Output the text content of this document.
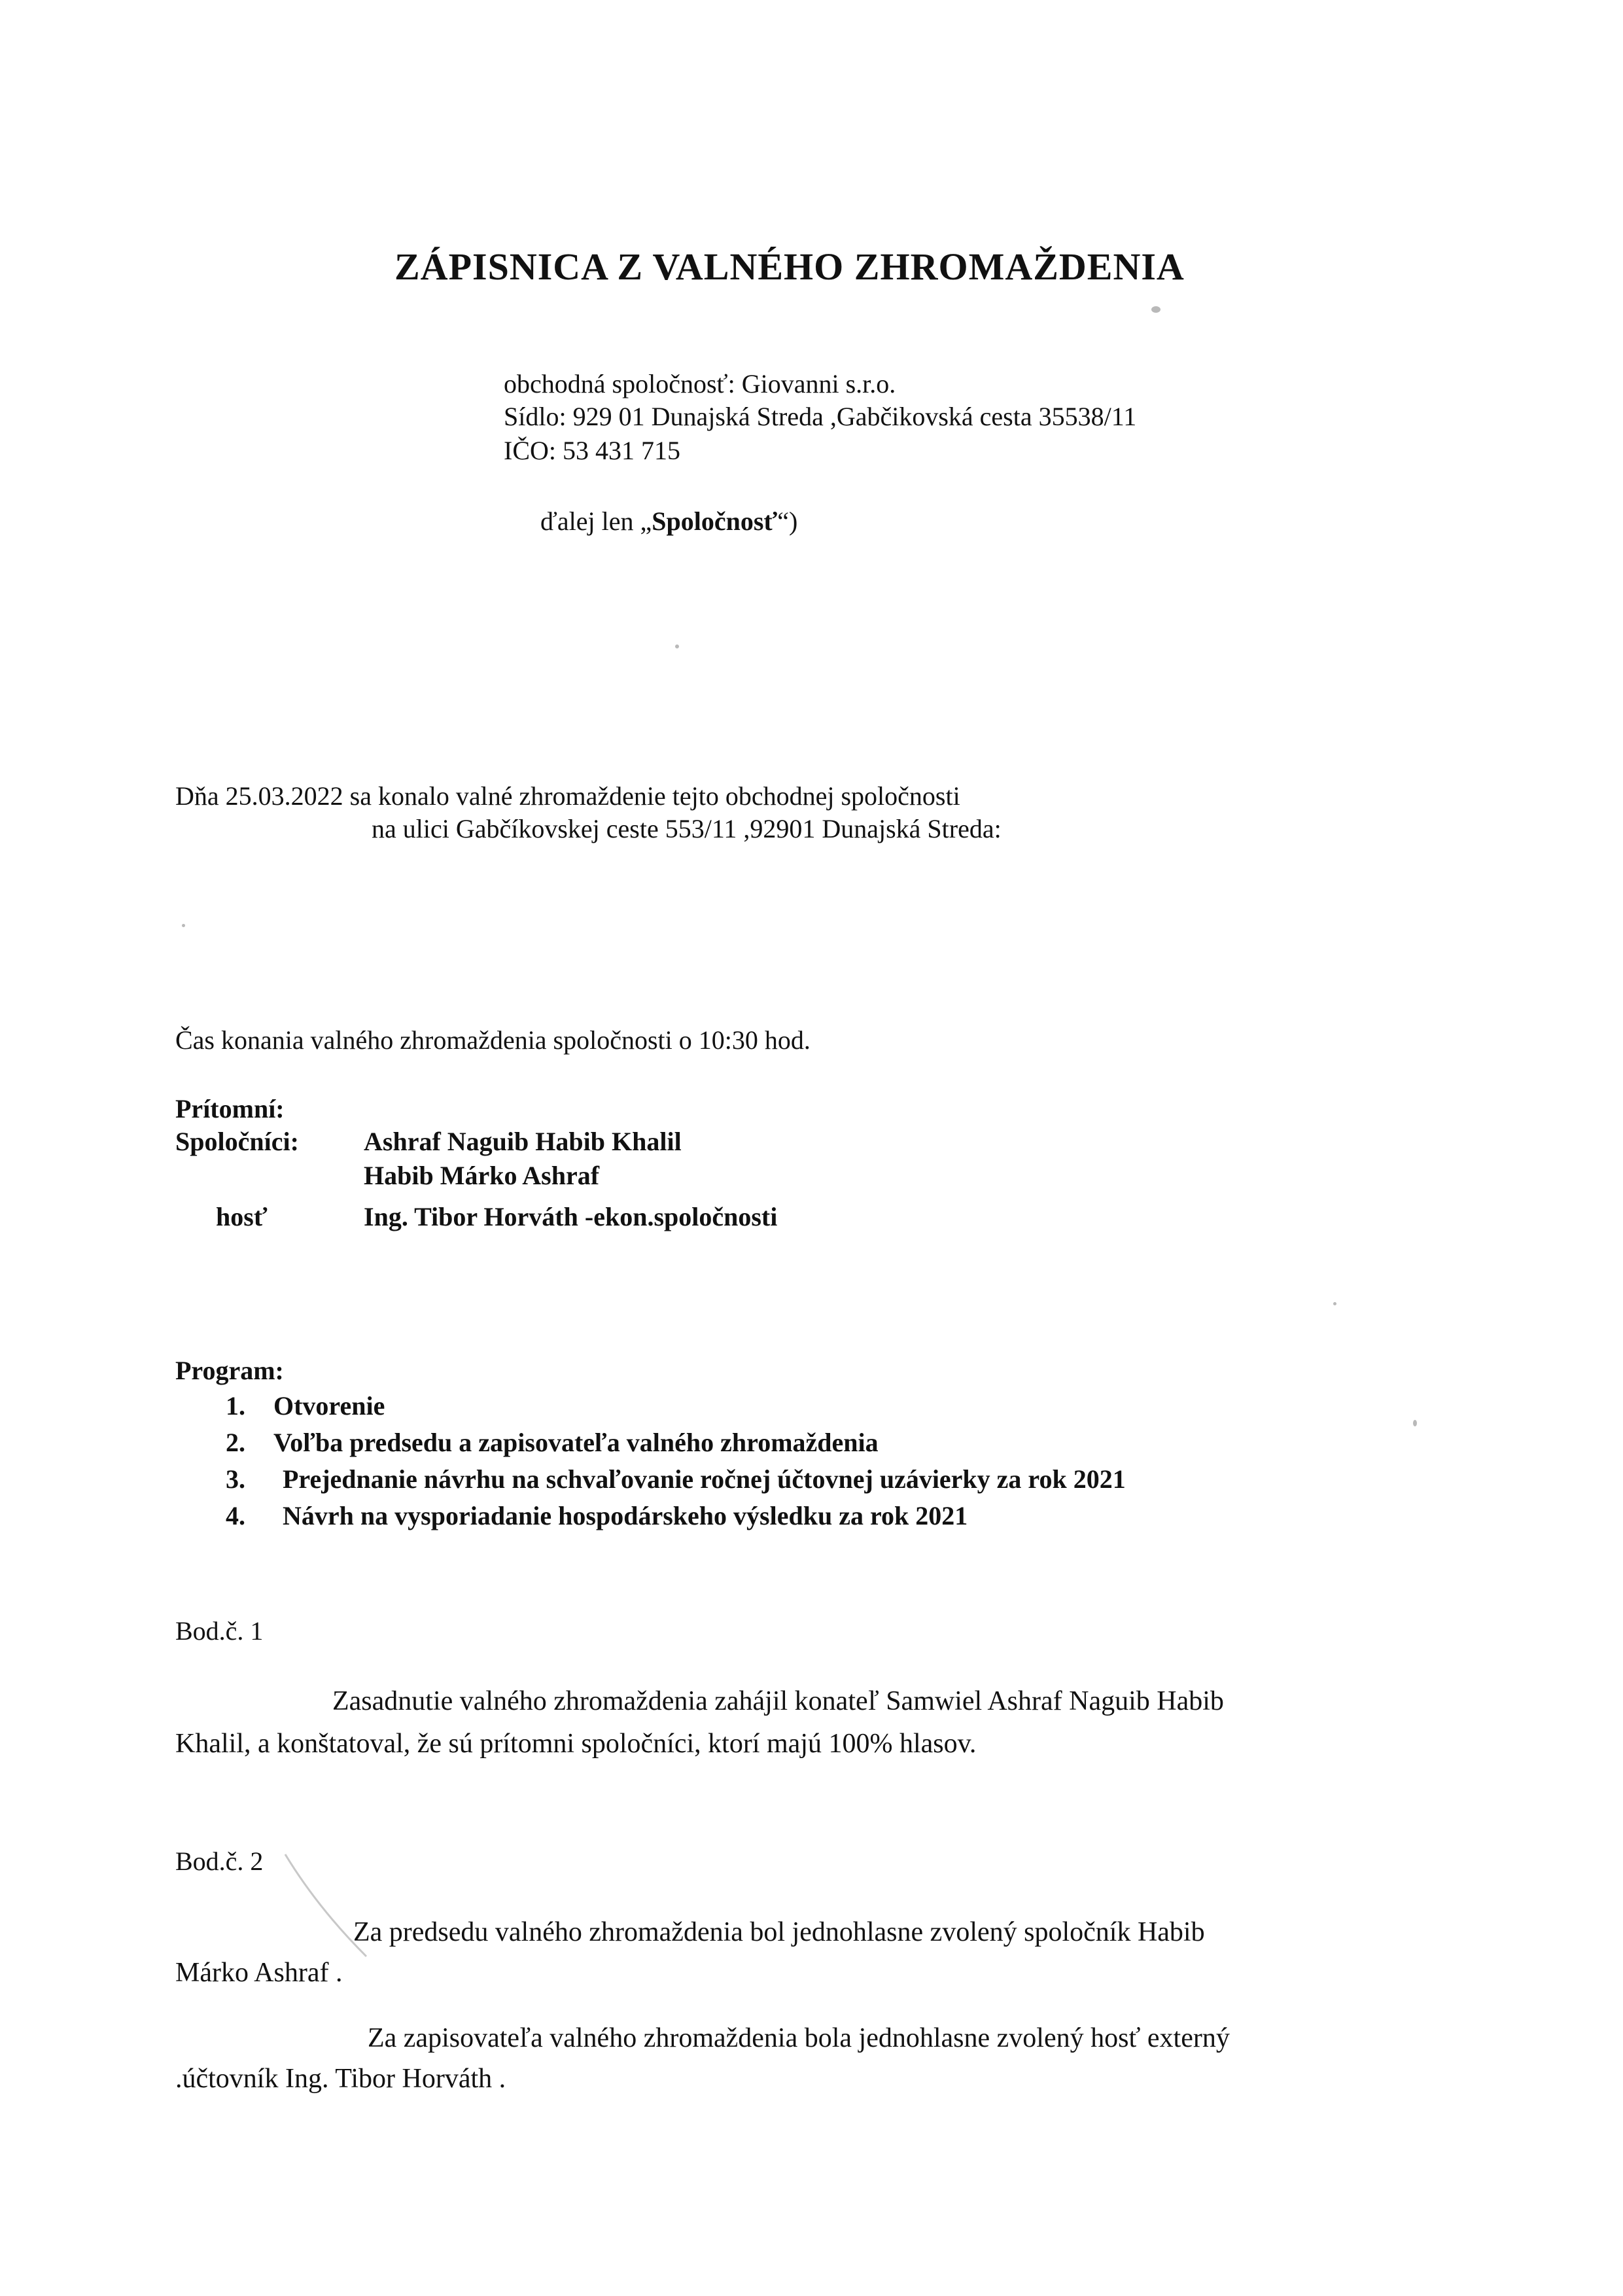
ZÁPISNICA Z VALNÉHO ZHROMAŽDENIA
obchodná spoločnosť: Giovanni s.r.o.
Sídlo: 929 01 Dunajská Streda ,Gabčikovská cesta 35538/11
IČO: 53 431 715
ďalej len „Spoločnosť“)
Dňa 25.03.2022 sa konalo valné zhromaždenie tejto obchodnej spoločnosti
na ulici Gabčíkovskej ceste 553/11 ,92901 Dunajská Streda:
Čas konania valného zhromaždenia spoločnosti o 10:30 hod.
Prítomní:
Spoločníci: Ashraf Naguib Habib Khalil
Habib Márko Ashraf
hosť	Ing. Tibor Horváth -ekon.spoločnosti
Program:
1. Otvorenie
2. Voľba predsedu a zapisovateľa valného zhromaždenia
3. Prejednanie návrhu na schvaľovanie ročnej účtovnej uzávierky za rok 2021
4. Návrh na vysporiadanie hospodárskeho výsledku za rok 2021
Bod.č. 1
Zasadnutie valného zhromaždenia zahájil konateľ Samwiel Ashraf Naguib Habib
Khalil, a konštatoval, že sú prítomni spoločníci, ktorí majú 100% hlasov.
Bod.č. 2
Za predsedu valného zhromaždenia bol jednohlasne zvolený spoločník Habib
Márko Ashraf .
Za zapisovateľa valného zhromaždenia bola jednohlasne zvolený hosť externý
.účtovník Ing. Tibor Horváth .
